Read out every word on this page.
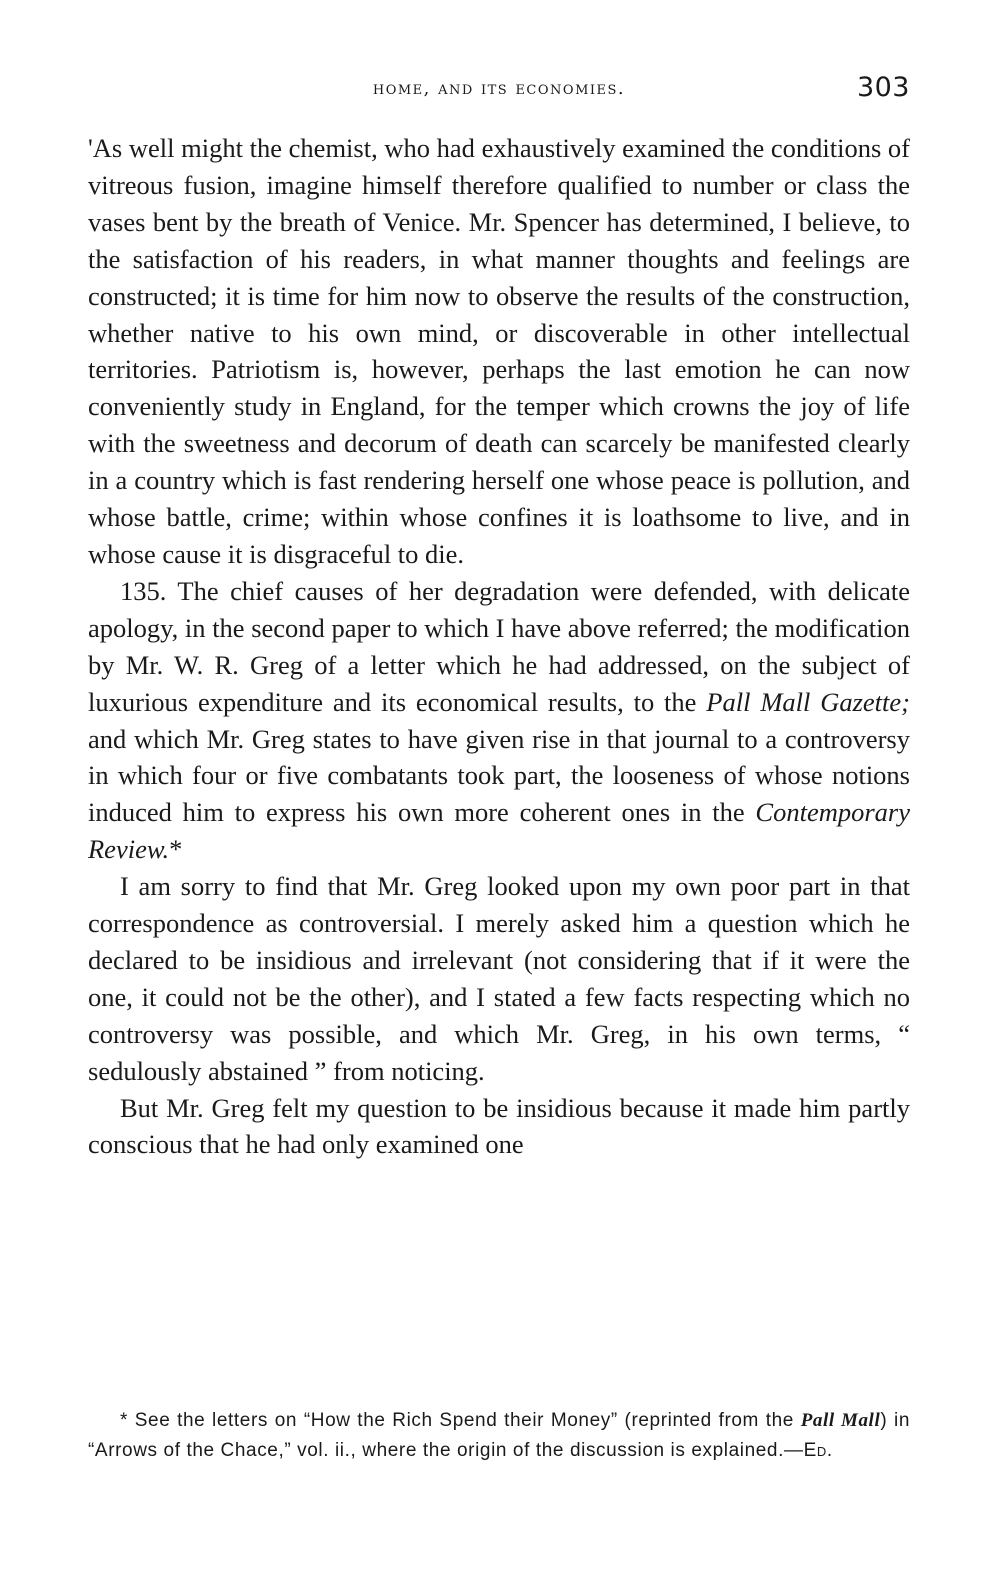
home, and its economies.	303

'As well might the chemist, who had exhaustively examined the conditions of vitreous fusion, imagine himself therefore qualified to number or class the vases bent by the breath of Venice. Mr. Spencer has determined, I believe, to the satisfaction of his readers, in what manner thoughts and feelings are constructed; it is time for him now to observe the results of the construction, whether native to his own mind, or discoverable in other intellectual territories. Patriotism is, however, perhaps the last emotion he can now conveniently study in England, for the temper which crowns the joy of life with the sweetness and decorum of death can scarcely be manifested clearly in a country which is fast rendering herself one whose peace is pollution, and whose battle, crime; within whose confines it is loathsome to live, and in whose cause it is disgraceful to die.

135. The chief causes of her degradation were defended, with delicate apology, in the second paper to which I have above referred; the modification by Mr. W. R. Greg of a letter which he had addressed, on the subject of luxurious expenditure and its economical results, to the Pall Mall Gazette; and which Mr. Greg states to have given rise in that journal to a controversy in which four or five combatants took part, the looseness of whose notions induced him to express his own more coherent ones in the Contemporary Review.*

I am sorry to find that Mr. Greg looked upon my own poor part in that correspondence as controversial. I merely asked him a question which he declared to be insidious and irrelevant (not considering that if it were the one, it could not be the other), and I stated a few facts respecting which no controversy was possible, and which Mr. Greg, in his own terms, “ sedulously abstained ” from noticing.

But Mr. Greg felt my question to be insidious because it made him partly conscious that he had only examined one

* See the letters on “How the Rich Spend their Money” (reprinted from the Pall Mall) in “Arrows of the Chace,” vol. ii., where the origin of the discussion is explained.—Ed.
